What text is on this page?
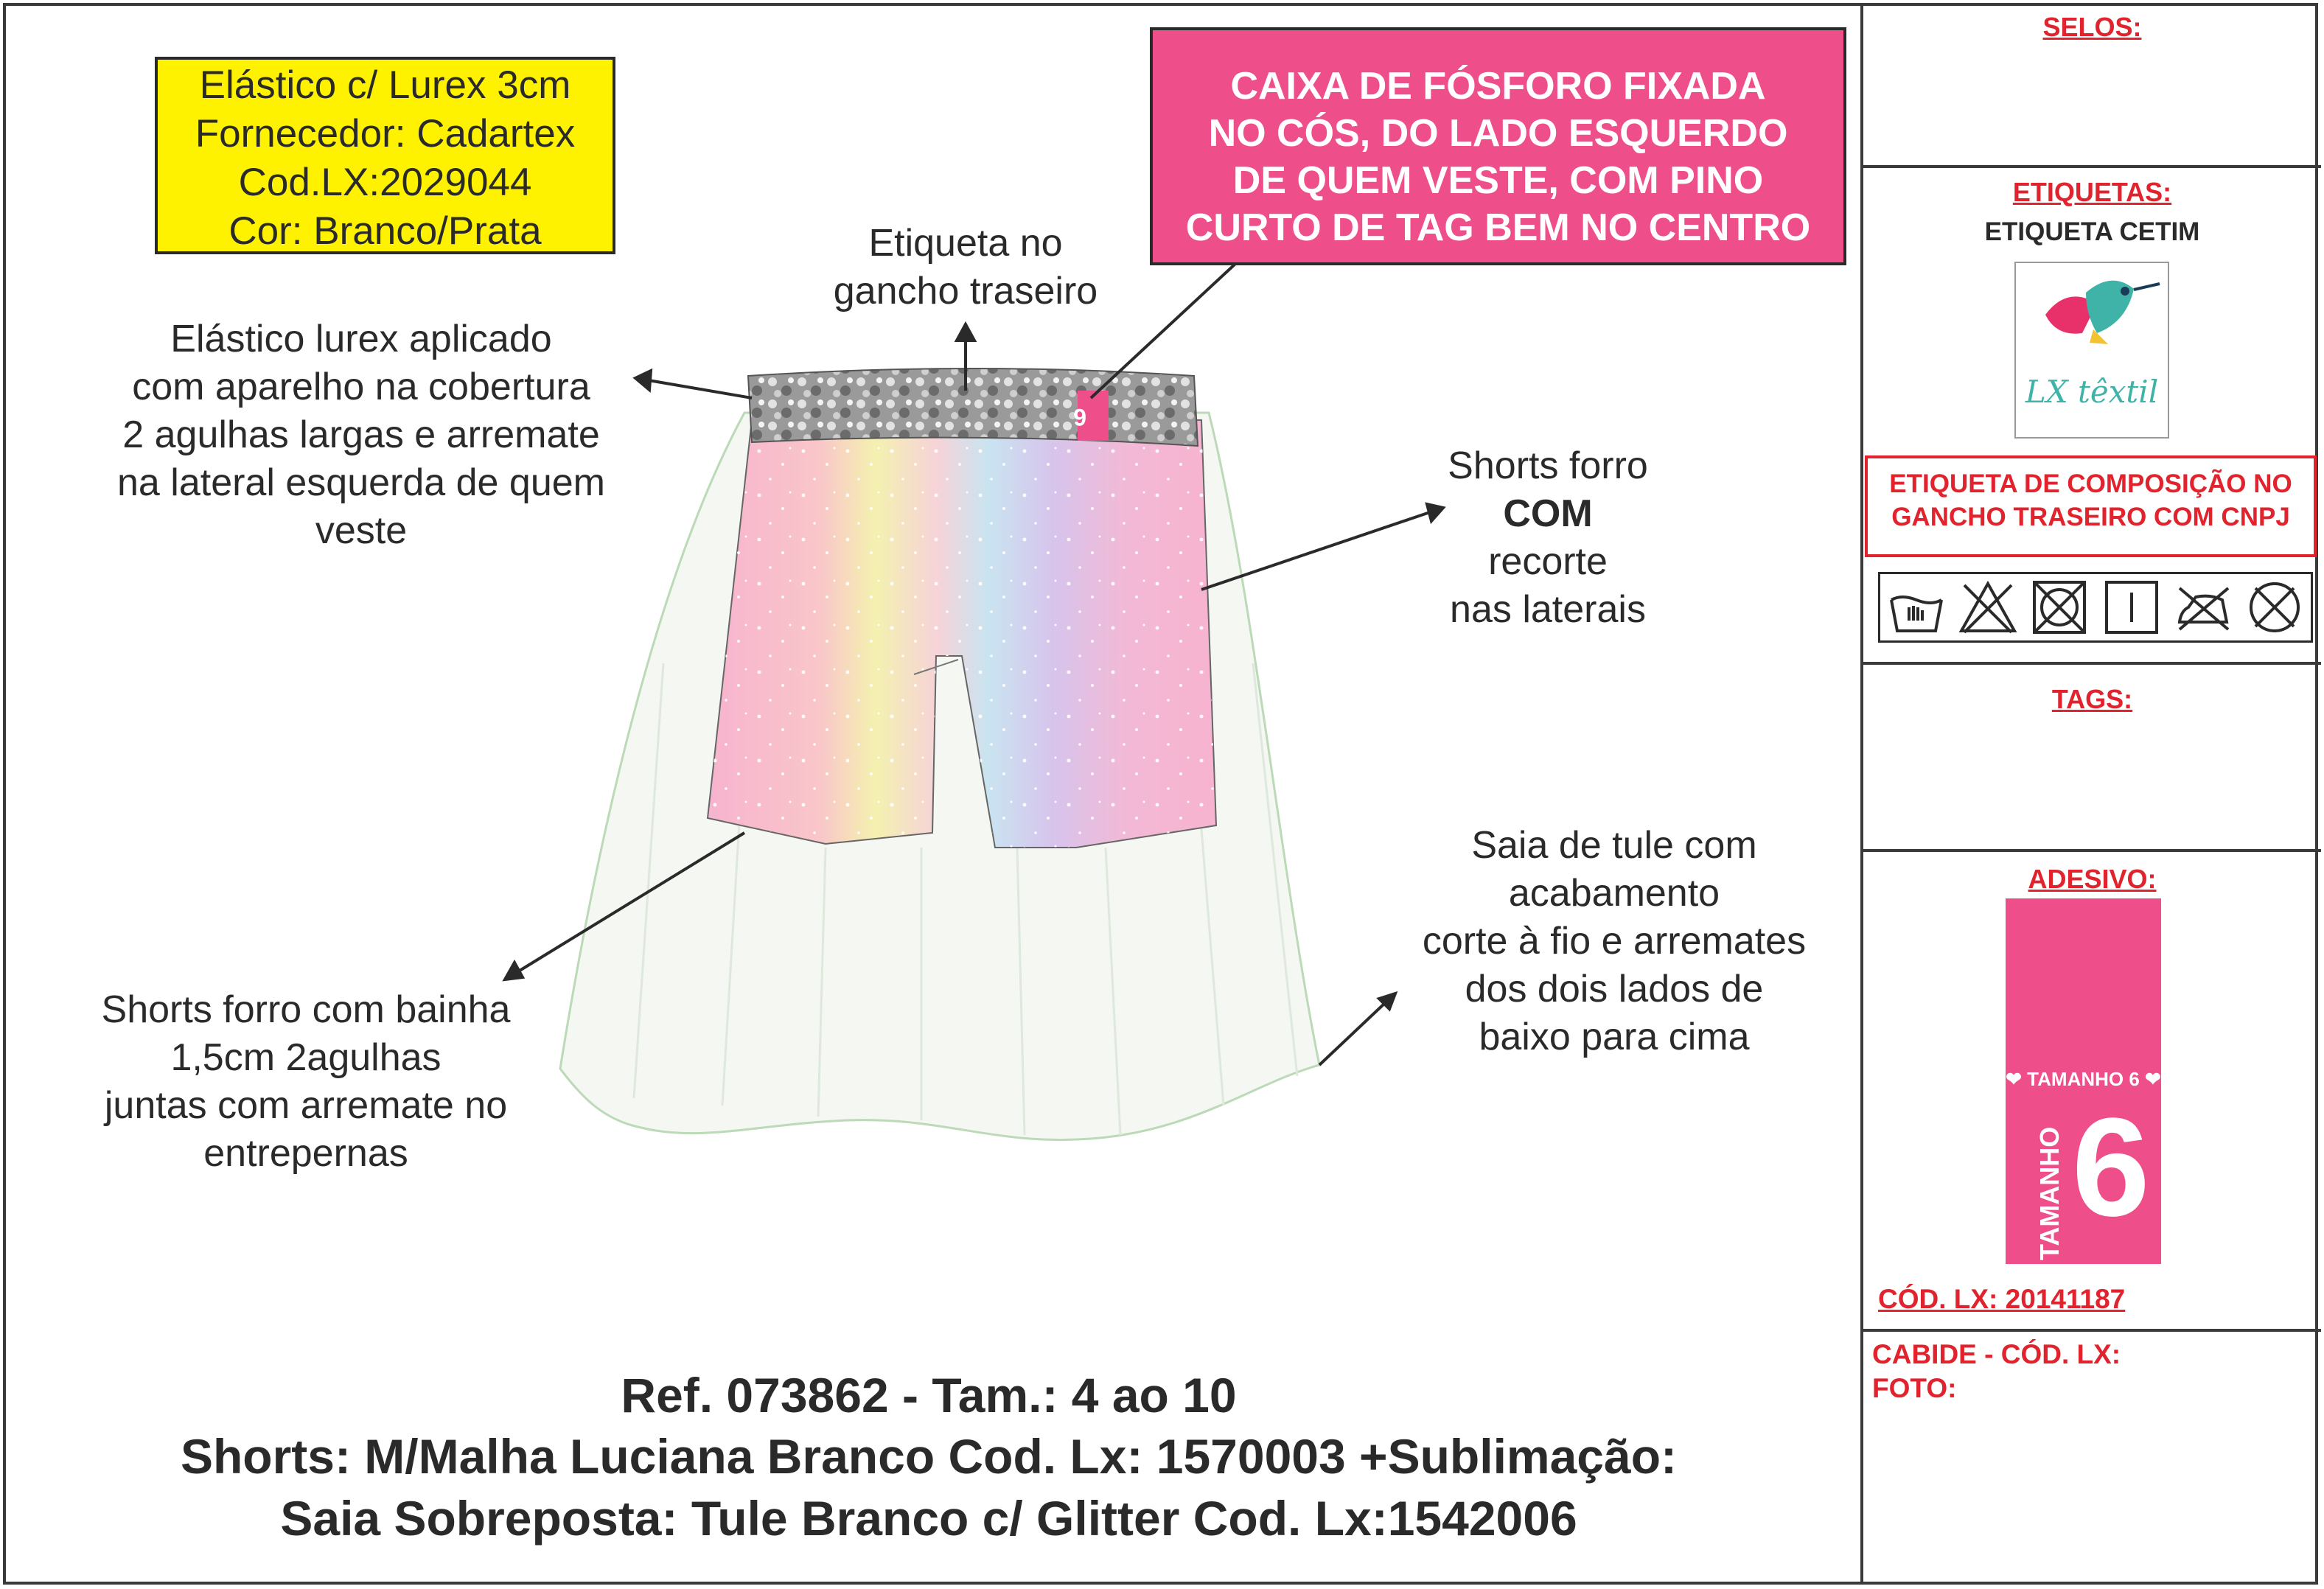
6
Elástico c/ Lurex 3cm
Fornecedor: Cadartex
Cod.LX:2029044
Cor: Branco/Prata
CAIXA DE FÓSFORO FIXADA
NO CÓS, DO LADO ESQUERDO
DE QUEM VESTE, COM PINO
CURTO DE TAG BEM NO CENTRO
Etiqueta no
gancho traseiro
Elástico lurex aplicado
com aparelho na cobertura
2 agulhas largas e arremate
na lateral esquerda de quem
veste
Shorts forro
COM
recorte
nas laterais
Saia de tule com
acabamento
corte à fio e arremates
dos dois lados de
baixo para cima
Shorts forro com bainha
1,5cm 2agulhas
juntas com arremate no
entrepernas
Ref. 073862 - Tam.: 4 ao 10
Shorts: M/Malha Luciana Branco Cod. Lx: 1570003 +Sublimação:
Saia Sobreposta: Tule Branco c/ Glitter Cod. Lx:1542006
SELOS:
ETIQUETAS:
ETIQUETA CETIM
LX têxtil
ETIQUETA DE COMPOSIÇÃO NO
GANCHO TRASEIRO COM CNPJ
TAGS:
ADESIVO:
❤ TAMANHO 6 ❤
TAMANHO 6
CÓD. LX: 20141187
CABIDE - CÓD. LX:
FOTO:
